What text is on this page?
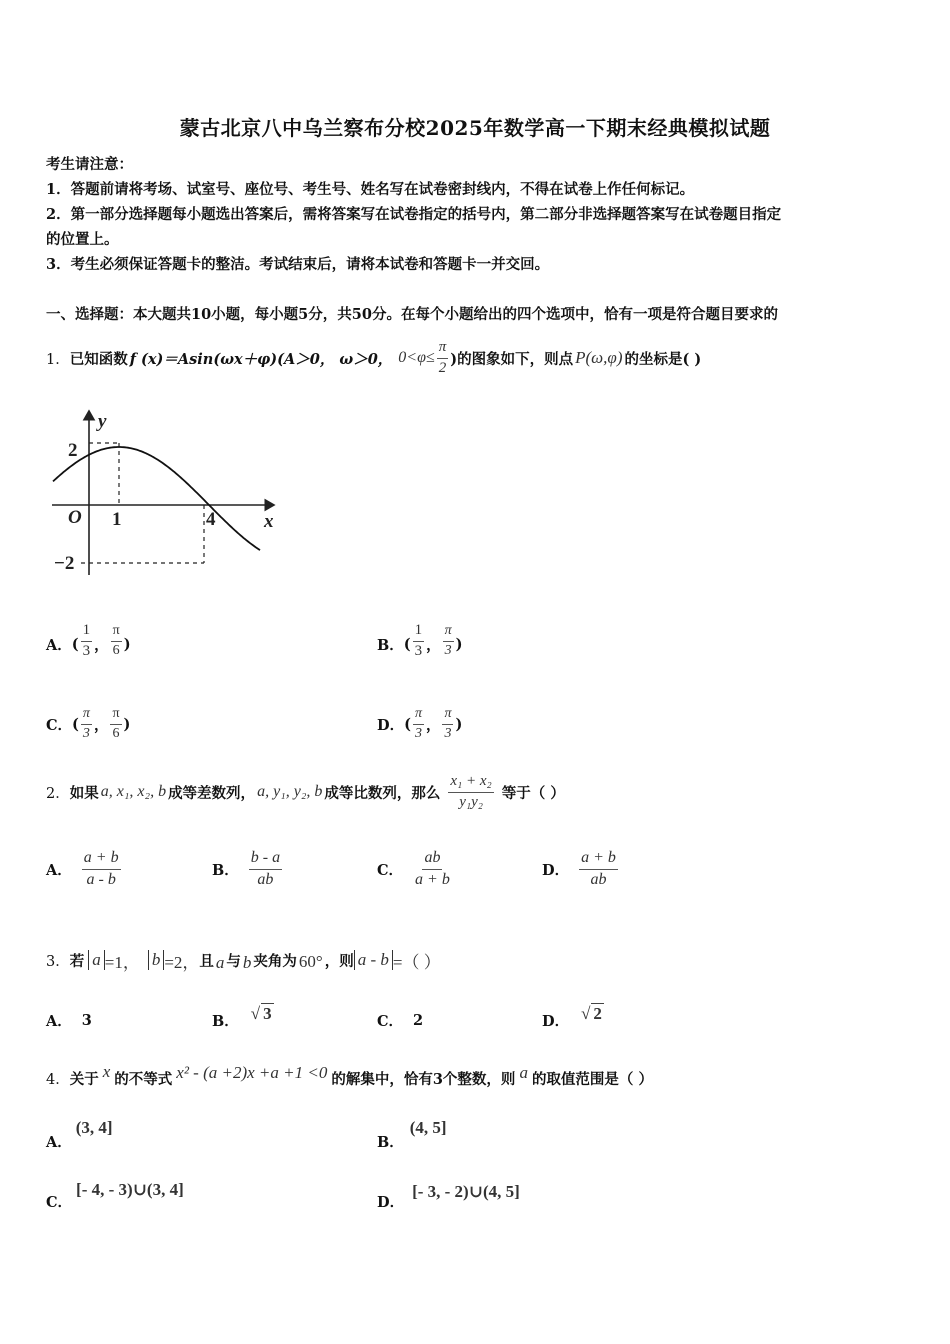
蒙古北京八中乌兰察布分校2025年数学高一下期末经典模拟试题
考生请注意：
1．答题前请将考场、试室号、座位号、考生号、姓名写在试卷密封线内，不得在试卷上作任何标记。
2．第一部分选择题每小题选出答案后，需将答案写在试卷指定的括号内，第二部分非选择题答案写在试卷题目指定
的位置上。
3．考生必须保证答题卡的整洁。考试结束后，请将本试卷和答题卡一并交回。
一、选择题：本大题共10小题，每小题5分，共50分。在每个小题给出的四个选项中，恰有一项是符合题目要求的
1． 已知函数 f (x)＝Asin(ωx＋φ)(A＞0， ω＞0， $0<\varphi\le \frac{\pi}{2}$ )的图象如下，则点 P(ω,φ) 的坐标是( )
y
x
O
2
−2
1	4
A． ( $\frac{1}{3}$ ， $\frac{\pi}{6}$ )	B． ( $\frac{1}{3}$ ， $\frac{\pi}{3}$ )
C． ( $\frac{\pi}{3}$ ， $\frac{\pi}{6}$ )	D． ( $\frac{\pi}{3}$ ， $\frac{\pi}{3}$ )
2． 如果 a, x₁, x₂, b 成等差数列， a, y₁, y₂, b 成等比数列，那么 $\frac{\text{x₁ + x₂}}{\text{y₁y₂}}$ 等于（ ）
A． $\frac{a + b}{a - b}$	B． $\frac{b - a}{ab}$	C． $\frac{ab}{a + b}$	D． $\frac{a + b}{ab}$
3． 若 a =1， b =2， 且 a 与 b 夹角为 60° ，则 a - b =（ ）
A． 3	B． √ 3	C． 2	D． √ 2
4． 关于 x 的不等式 x² - (a +2)x +a +1 <0 的解集中，恰有3个整数，则 a 的取值范围是（ ）
A．
(3, 4]
B．
(4, 5]
C．
[- 4, - 3)∪(3, 4]
D．
[- 3, - 2)∪(4, 5]
